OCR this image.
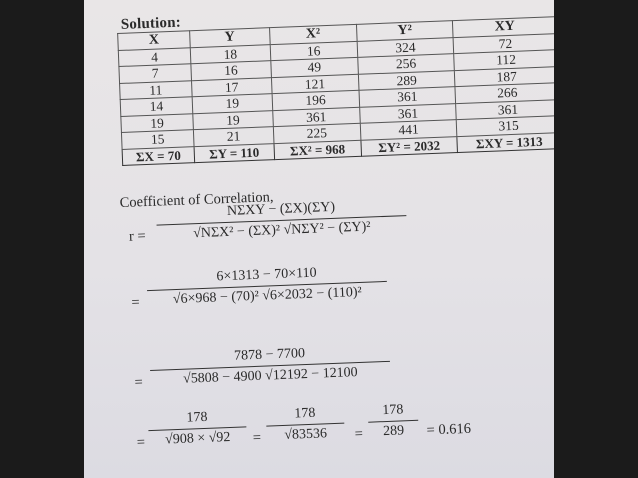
Solution:
X	Y	X²	Y²	XY
4	18	16	324	72
7	16	49	256	112
11	17	121	289	187
14	19	196	361	266
19	19	361	361	361
15	21	225	441	315
ΣX = 70	ΣY = 110	ΣX² = 968	ΣY² = 2032	ΣXY = 1313
Coefficient of Correlation,
r =
NΣXY − (ΣX)(ΣY)
√NΣX² − (ΣX)² √NΣY² − (ΣY)²
=
6×1313 − 70×110
√6×968 − (70)² √6×2032 − (110)²
=
7878 − 7700
√5808 − 4900 √12192 − 12100
=
178
√908 × √92	=
178
√83536	=
178
289	= 0.616
